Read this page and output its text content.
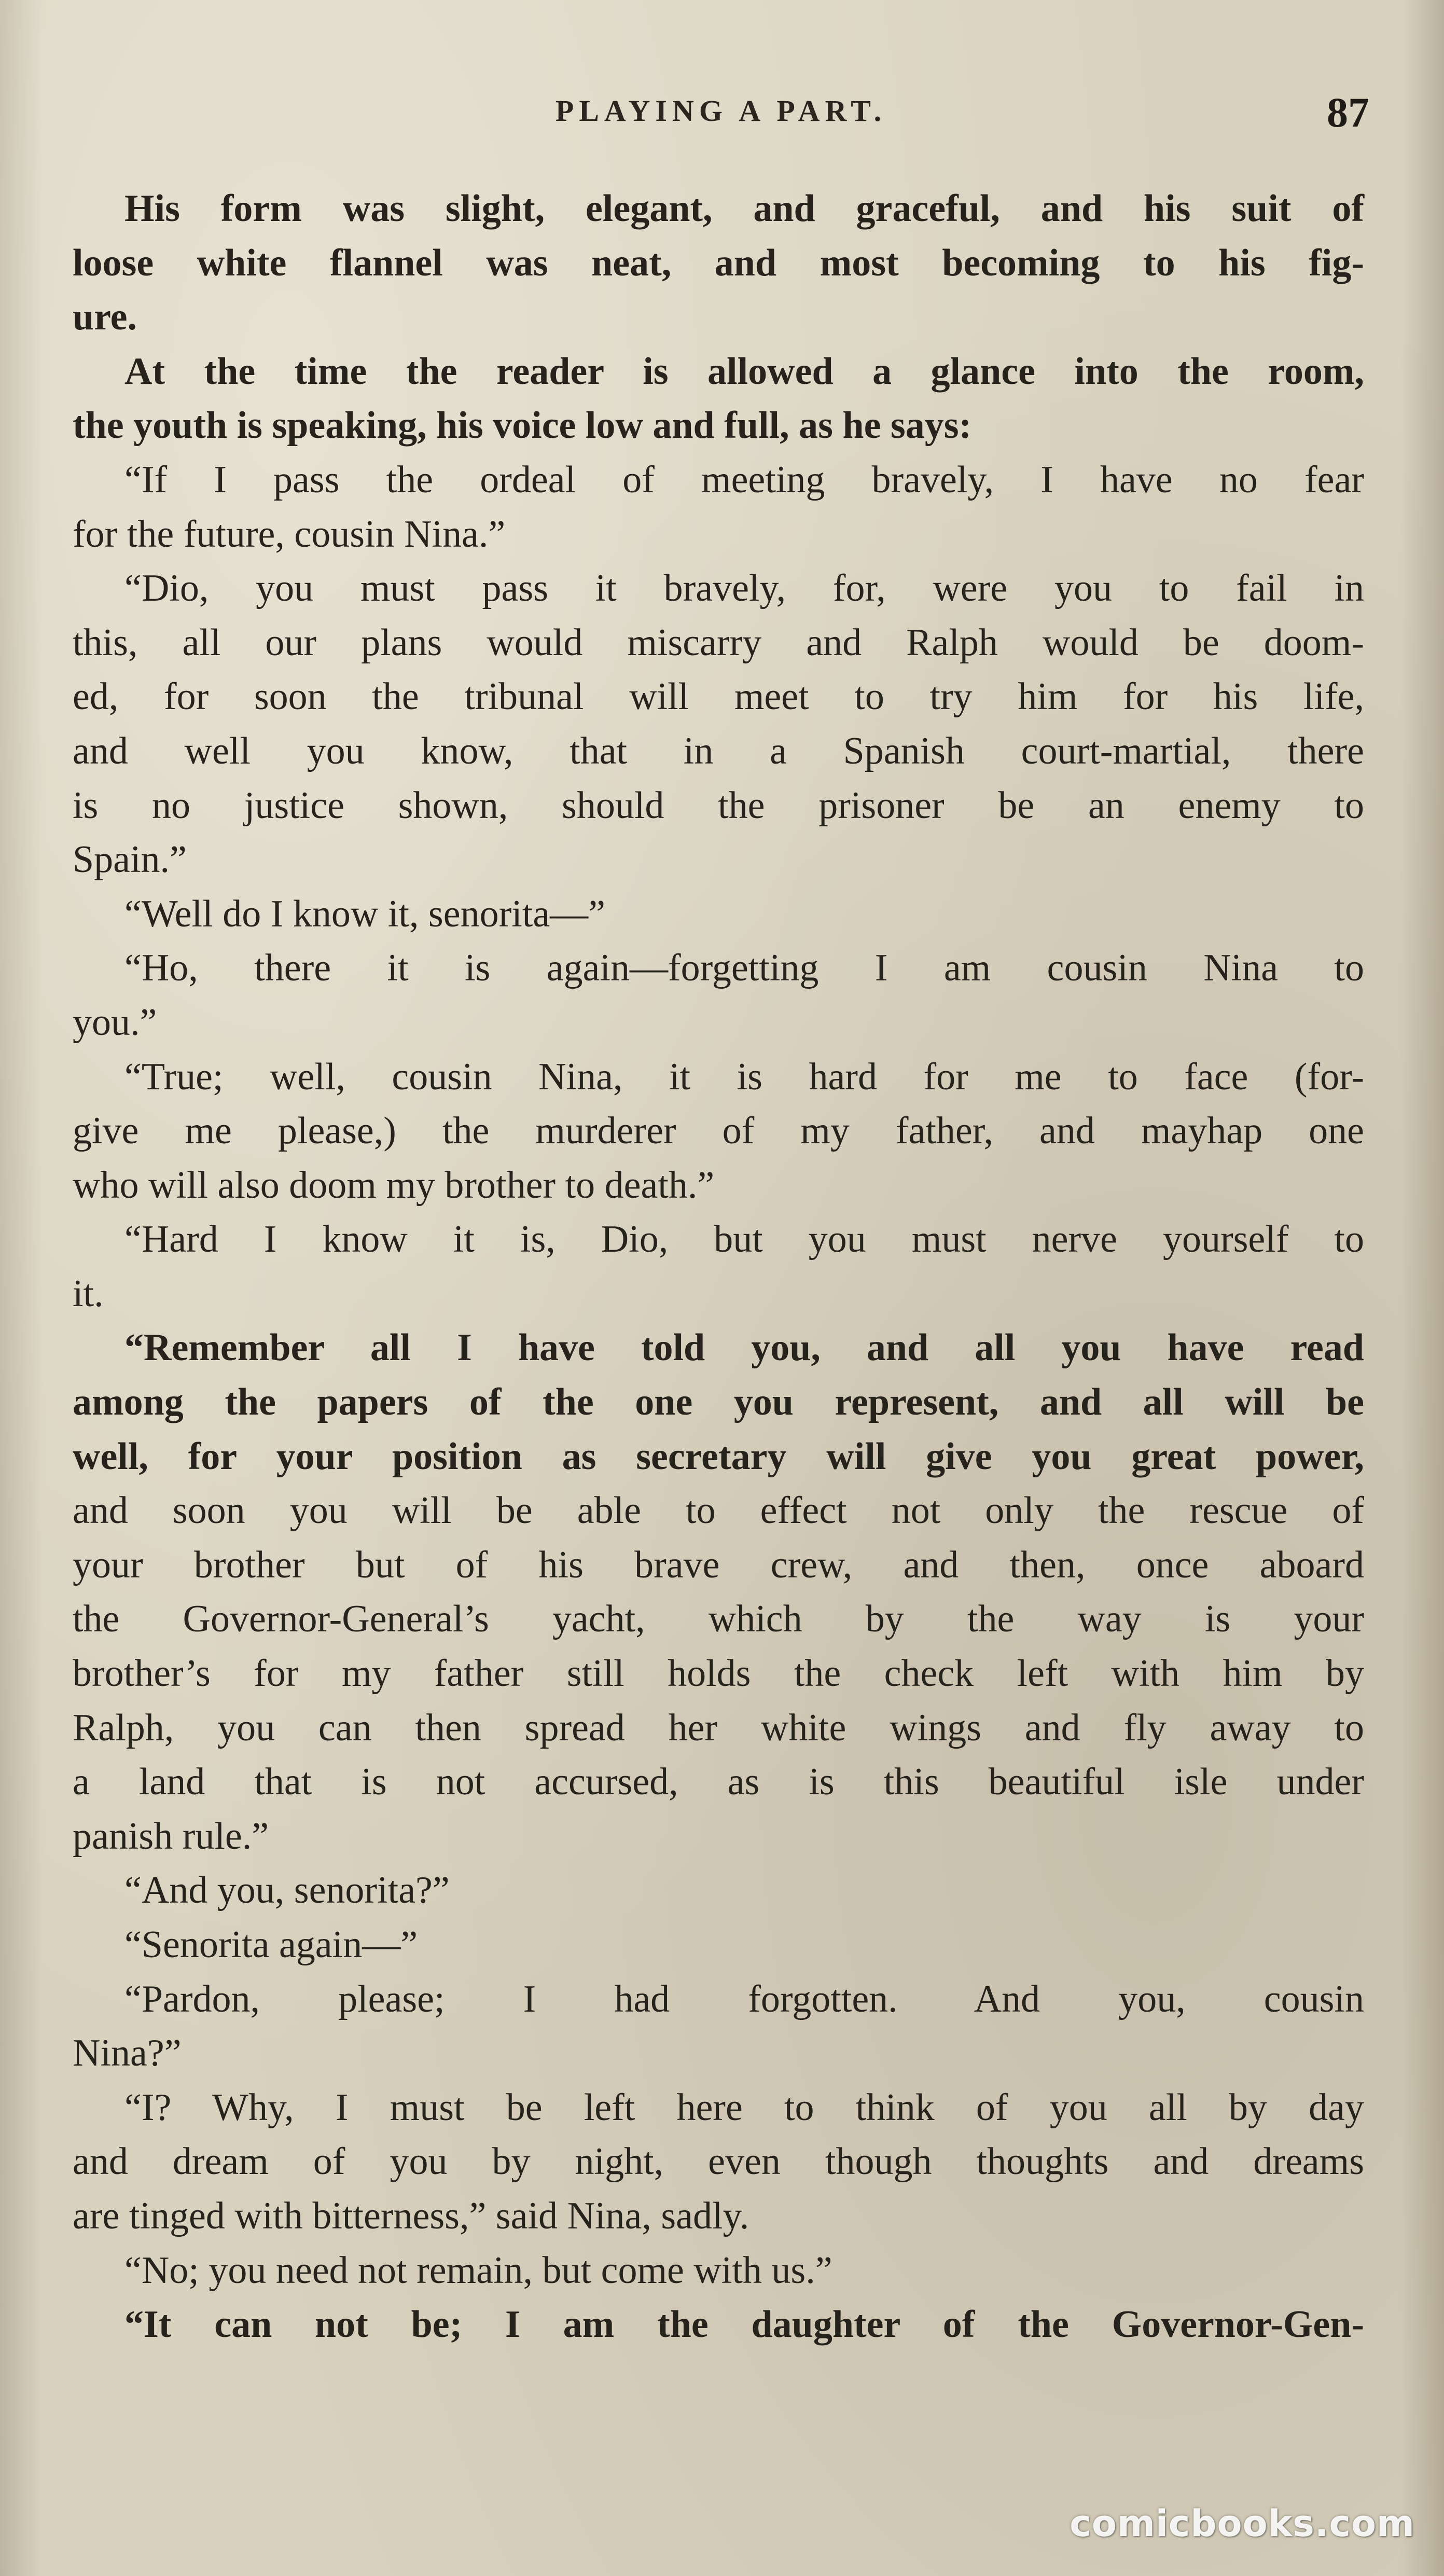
PLAYING A PART.	87
His form was slight, elegant, and graceful, and his suit of
loose white flannel was neat, and most becoming to his fig-
ure.
At the time the reader is allowed a glance into the room,
the youth is speaking, his voice low and full, as he says:
“If I pass the ordeal of meeting bravely, I have no fear
for the future, cousin Nina.”
“Dio, you must pass it bravely, for, were you to fail in
this, all our plans would miscarry and Ralph would be doom-
ed, for soon the tribunal will meet to try him for his life,
and well you know, that in a Spanish court-martial, there
is no justice shown, should the prisoner be an enemy to
Spain.”
“Well do I know it, senorita—”
“Ho, there it is again—forgetting I am cousin Nina to
you.”
“True; well, cousin Nina, it is hard for me to face (for-
give me please,) the murderer of my father, and mayhap one
who will also doom my brother to death.”
“Hard I know it is, Dio, but you must nerve yourself to
it.
“Remember all I have told you, and all you have read
among the papers of the one you represent, and all will be
well, for your position as secretary will give you great power,
and soon you will be able to effect not only the rescue of
your brother but of his brave crew, and then, once aboard
the Governor-General’s yacht, which by the way is your
brother’s for my father still holds the check left with him by
Ralph, you can then spread her white wings and fly away to
a land that is not accursed, as is this beautiful isle under
panish rule.”
“And you, senorita?”
“Senorita again—”
“Pardon, please; I had forgotten. And you, cousin
Nina?”
“I? Why, I must be left here to think of you all by day
and dream of you by night, even though thoughts and dreams
are tinged with bitterness,” said Nina, sadly.
“No; you need not remain, but come with us.”
“It can not be; I am the daughter of the Governor-Gen-
comicbooks.com
